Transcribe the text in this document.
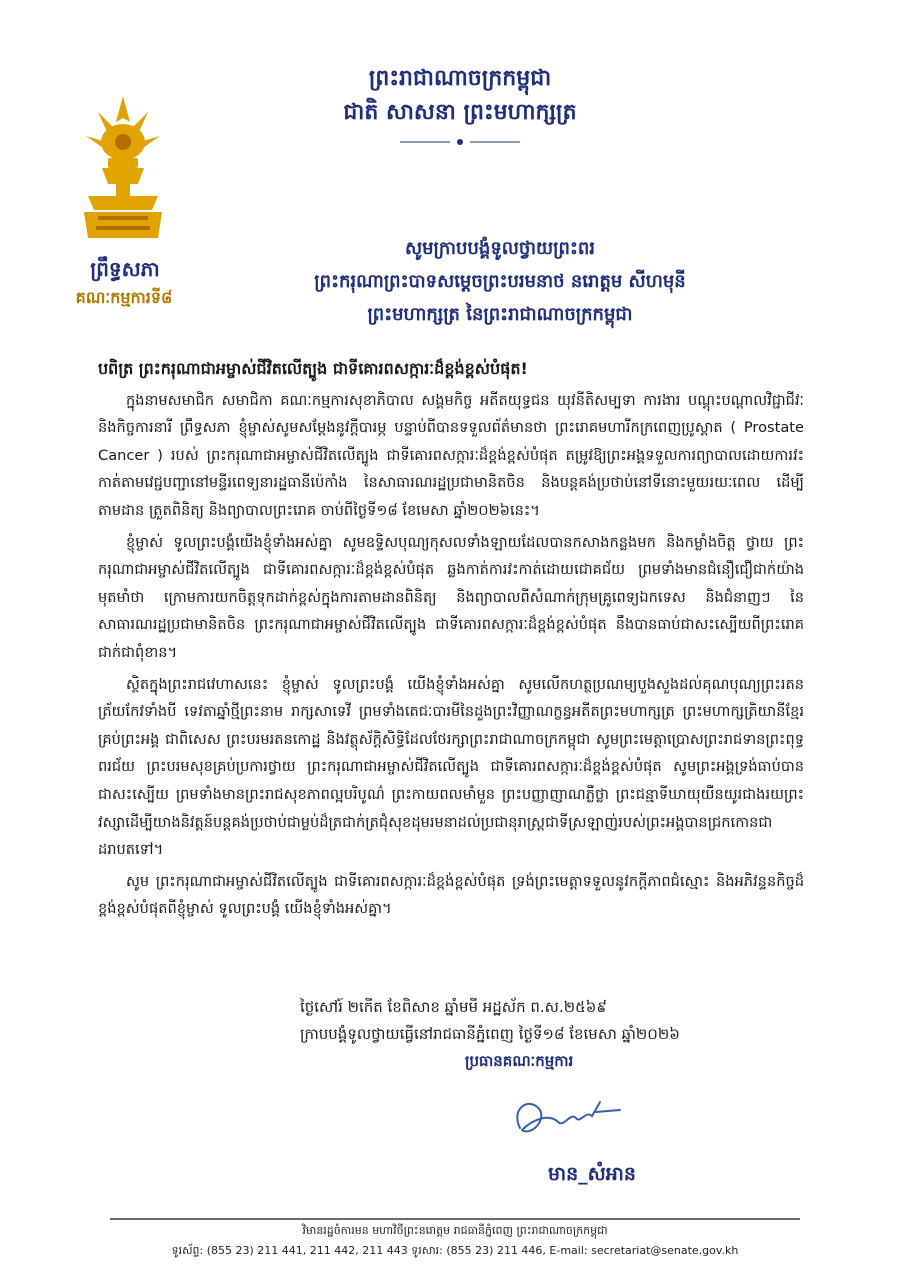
ព្រះរាជាណាចក្រកម្ពុជា
ជាតិ សាសនា ព្រះមហាក្សត្រ
ព្រឹទ្ធសភា
គណៈកម្មការទី៨
សូមក្រាបបង្គំទូលថ្វាយព្រះពរ
ព្រះករុណាព្រះបាទសម្តេចព្រះបរមនាថ នរោត្តម សីហមុនី
ព្រះមហាក្សត្រ នៃព្រះរាជាណាចក្រកម្ពុជា

បពិត្រ ព្រះករុណាជាអម្ចាស់ជីវិតលើត្បូង ជាទីគោរពសក្ការៈដ៏ខ្ពង់ខ្ពស់បំផុត!

ក្នុងនាមសមាជិក សមាជិកា គណៈកម្មការសុខាភិបាល សង្គមកិច្ច អតីតយុទ្ធជន យុវនីតិសម្បទា ការងារ បណ្តុះបណ្តាលវិជ្ជាជីវៈ និងកិច្ចការនារី ព្រឹទ្ធសភា ខ្ញុំម្ចាស់សូមសម្តែងនូវក្តីបារម្ភ បន្ទាប់ពីបានទទួលព័ត៌មានថា ព្រះរោគមហារីកក្រពេញប្រូស្តាត ( Prostate Cancer ) របស់ ព្រះករុណាជាអម្ចាស់ជីវិតលើត្បូង ជាទីគោរពសក្ការៈដ៏ខ្ពង់ខ្ពស់បំផុត តម្រូវឱ្យព្រះអង្គទទួលការព្យាបាលដោយការវះកាត់តាមវេជ្ជបញ្ជានៅមន្ទីរពេទ្យនារដ្ឋធានីប៉េកាំង នៃសាធារណរដ្ឋប្រជាមានិតចិន និងបន្តគង់ប្រថាប់នៅទីនោះមួយរយៈពេល ដើម្បីតាមដាន ត្រួតពិនិត្យ និងព្យាបាលព្រះរោគ ចាប់ពីថ្ងៃទី១៨ ខែមេសា ឆ្នាំ២០២៦នេះ។

ខ្ញុំម្ចាស់ ទូលព្រះបង្គំយើងខ្ញុំទាំងអស់គ្នា សូមឧទ្ទិសបុណ្យកុសលទាំងឡាយដែលបានកសាងកន្លងមក និងកម្លាំងចិត្ត ថ្វាយ ព្រះករុណាជាអម្ចាស់ជីវិតលើត្បូង ជាទីគោរពសក្ការៈដ៏ខ្ពង់ខ្ពស់បំផុត ឆ្លងកាត់ការវះកាត់ដោយជោគជ័យ ព្រមទាំងមានជំនឿជឿជាក់យ៉ាងមុតមាំថា ក្រោមការយកចិត្តទុកដាក់ខ្ពស់ក្នុងការតាមដានពិនិត្យ និងព្យាបាលពីសំណាក់ក្រុមគ្រូពេទ្យឯកទេស និងជំនាញៗ នៃសាធារណរដ្ឋប្រជាមានិតចិន ព្រះករុណាជាអម្ចាស់ជីវិតលើត្បូង ជាទីគោរពសក្ការៈដ៏ខ្ពង់ខ្ពស់បំផុត នឹងបានធាប់ជាសះស្បើយពីព្រះរោគជាក់ជាពុំខាន។

ស្ថិតក្នុងព្រះរាជវេហាសនេះ ខ្ញុំម្ចាស់ ទូលព្រះបង្គំ យើងខ្ញុំទាំងអស់គ្នា សូមលើកហត្ថប្រណម្យបួងសួងដល់គុណបុណ្យព្រះរតនត្រ័យកែវទាំងបី ទេវតាឆ្នាំថ្មីព្រះនាម រាក្សសាទេវី ព្រមទាំងតេជៈបារមីនៃដួងព្រះវិញ្ញាណក្ខន្ធអតីតព្រះមហាក្សត្រ ព្រះមហាក្សត្រិយានីខ្មែរគ្រប់ព្រះអង្គ ជាពិសេស ព្រះបរមរតនកោដ្ឋ និងវត្ថុស័ក្តិសិទ្ធិដែលថែរក្សាព្រះរាជាណាចក្រកម្ពុជា សូមព្រះមេត្តាប្រោសព្រះរាជទានព្រះពុទ្ធពរជ័យ ព្រះបរមសុខគ្រប់ប្រការថ្វាយ ព្រះករុណាជាអម្ចាស់ជីវិតលើត្បូង ជាទីគោរពសក្ការៈដ៏ខ្ពង់ខ្ពស់បំផុត សូមព្រះអង្គទ្រង់ធាប់បានជាសះស្បើយ ព្រមទាំងមានព្រះរាជសុខភាពល្អបរិបូណ៌ ព្រះកាយពលមាំមួន ព្រះបញ្ញាញាណភ្លឺថ្លា ព្រះជន្មាទីឃាយុយឺនយូរជាងរយព្រះវស្សាដើម្បីយាងនិវត្តន៍បន្តគង់ប្រថាប់ជាម្លប់ដ៏ត្រជាក់ត្រជុំសុខដុមរមនាដល់ប្រជានុរាស្ត្រជាទីស្រឡាញ់របស់ព្រះអង្គបានជ្រកកោនជាដរាបតទៅ។

សូម ព្រះករុណាជាអម្ចាស់ជីវិតលើត្បូង ជាទីគោរពសក្ការៈដ៏ខ្ពង់ខ្ពស់បំផុត ទ្រង់ព្រះមេត្តាទទួលនូវកក្តីភាពជំស្មោះ និងអភិវន្ទនកិច្ចដ៏ខ្ពង់ខ្ពស់បំផុតពីខ្ញុំម្ចាស់ ទូលព្រះបង្គំ យើងខ្ញុំទាំងអស់គ្នា។

ថ្ងៃសៅរ៍ ២កើត ខែពិសាខ ឆ្នាំមមី អដ្ឋស័ក ព.ស.២៥៦៩
ក្រាបបង្គំទូលថ្វាយធ្វើនៅរាជធានីភ្នំពេញ ថ្ងៃទី១៨ ខែមេសា ឆ្នាំ២០២៦
ប្រធានគណៈកម្មការ
មាន_សំអាន
វិមានរដ្ឋចំការមន មហាវិថីព្រះនរោត្តម រាជធានីភ្នំពេញ ព្រះរាជាណាចក្រកម្ពុជា
ទូរស័ព្ទ: (855 23) 211 441, 211 442, 211 443 ទូរសារ: (855 23) 211 446, E-mail: secretariat@senate.gov.kh
